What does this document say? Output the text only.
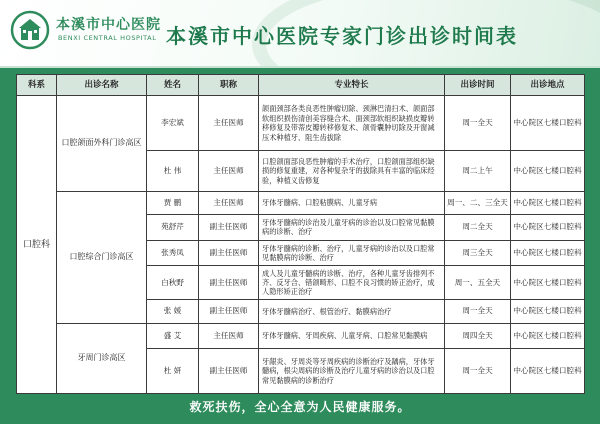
本溪市中心医院
BENXI CENTRAL HOSPITAL 本溪市中心医院专家门诊出诊时间表
科系	出诊名称	姓名	职称	专业特长	出诊时间	出诊地点
口腔科	口腔颌面外科门诊高区	李宏斌	主任医师	颌面颈部各类良恶性肿瘤切除、颈淋巴清扫术、颌面部软组织损伤清创美容缝合术、面颈部软组织缺损皮瓣转移修复及带蒂皮瓣转移修复术、颌骨囊肿切除及开窗减压术种植牙、阻生齿拔除	周一全天	中心院区七楼口腔科
		杜 伟	主任医师	口腔颌面部良恶性肿瘤的手术治疗，口腔颌面部组织缺损的修复重建，对各种复杂牙的拔除具有丰富的临床经验，种植义齿修复	周二上午	中心院区七楼口腔科
	口腔综合门诊高区	贾 鹏	主任医师	牙体牙髓病、口腔粘膜病、儿童牙病	周一、二、三全天	中心院区七楼口腔科
		苑舒芹	副主任医师	牙体牙髓病的诊治及儿童牙病的诊治以及口腔常见黏膜病的诊断、治疗	周二全天	中心院区七楼口腔科
		张秀凤	副主任医师	牙体牙髓病的诊断、治疗，儿童牙病的诊治以及口腔常见黏膜病的诊断、治疗	周三全天	中心院区七楼口腔科
		白秋野	副主任医师	成人及儿童牙髓病的诊断、治疗，各种儿童牙齿排列不齐、反牙合、错颌畸形、口腔不良习惯的矫正治疗，成人隐形矫正治疗	周一、五全天	中心院区七楼口腔科
		张 媛	副主任医师	牙体牙髓病治疗、根管治疗、黏膜病治疗	周一全天	中心院区七楼口腔科
	牙周门诊高区	盛 艾	主任医师	牙体牙髓病、牙周疾病、儿童牙病、口腔常见黏膜病	周四全天	中心院区七楼口腔科
		杜 妍	副主任医师	牙龈炎、牙周炎等牙周疾病的诊断治疗及龋病，牙体牙髓病，根尖周病的诊断及治疗儿童牙病的诊治以及口腔常见黏膜病的诊断治疗	周一全天	中心院区七楼口腔科
救死扶伤，全心全意为人民健康服务。
